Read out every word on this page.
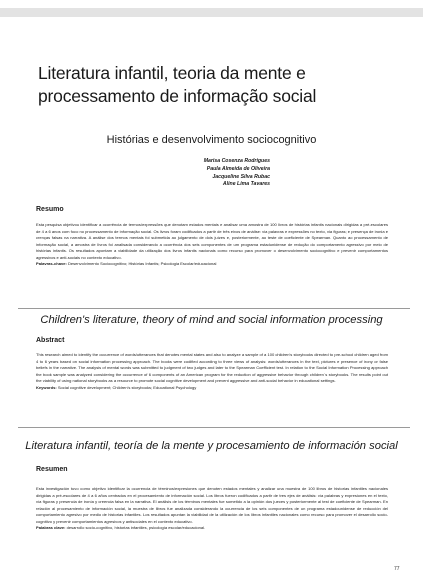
Literatura infantil, teoria da mente e processamento de informação social
Histórias e desenvolvimento sociocognitivo
Marisa Cosenza Rodrigues
Paula Almeida de Oliveira
Jacqueline Silva Rubac
Aline Lima Tavares
Resumo
Esta pesquisa objetivou identificar a ocorrência de termos/expressões que denotam estados mentais e analisar uma amostra de 100 livros de histórias infantis nacionais dirigidas a pré-escolares de 4 a 6 anos com foco no processamento de informação social. Os livros foram codificados a partir de três eixos de análise: via palavras e expressões no texto, via figuras; e presença de ironia e crenças falsas na narrativa. A análise dos termos mentais foi submetida ao julgamento de dois juízes e, posteriormente, ao teste de coeficiente de Spearman. Quanto ao processamento de informação social, a amostra de livros foi analisada considerando a ocorrência dos seis componentes de um programa estadunidense de redução do comportamento agressivo por meio de histórias infantis. Os resultados apontam a viabilidade da utilização dos livros infantis nacionais como recurso para promover o desenvolvimento sociocognitivo e prevenir comportamentos agressivos e anti-sociais no contexto educativo.
Palavras-chave: Desenvolvimento Sociocognitivo; Histórias Infantis; Psicologia Escolar/educacional
Children's literature, theory of mind and social information processing
Abstract
This research aimed to identify the occurrence of words/utterances that denotes mental states and also to analyze a sample of a 100 children's storybooks directed to pre-school children aged from 4 to 6 years based on social information processing approach. The books were codified according to three views of analysis: words/utterances in the text, pictures e presence of irony or false beliefs in the narrative. The analysis of mental words was submitted to judgment of two judges and later to the Spearman Coefficient test. In relation to the Social Information Processing approach the book sample was analyzed considering the occurrence of 6 components of an American program for the reduction of aggressive behavior through children´s storybooks. The results point out the viability of using national storybooks as a resource to promote social cognitive development and prevent aggressive and anti-social behavior in educational settings.
Keywords: Social cognitive development; Children's storybooks; Educational Psychology
Literatura infantil, teoría de la mente y procesamiento de información social
Resumen
Esta investigación tuvo como objetivo identificar la ocurrencia de términos/expresiones que denoten estados mentales y analizar una muestra de 100 libros de historias infantiles nacionales dirigidas a pré-escolares de 4 a 6 años centrados en el procesamiento de información social. Los libros fueron codificados a partir de tres ejes de análisis: vía palabras y expresiones en el texto, vía figuras y presencia de ironía y creencia falsa en la narrativa. El análisis de los términos mentales fue sometido a la opinión dos jueces y posteriormente al test de coeficiente de Spearman. En relación al procesamiento de información social, la muestra de libros fue analizada considerando la ocurrencia de los seis componentes de un programa estadounidense de reducción del comportamiento agresivo por medio de historias infantiles. Los resultados apuntan la viabilidad de la utilización de los libros infantiles nacionales como recurso para promover el desarrollo socio-cognitivo y prevenir comportamientos agresivos y antisociales en el contexto educativo.
Palabras clave: desarrollo socio-cognitivo, historias infantiles, psicología escolar/educacional.
77
